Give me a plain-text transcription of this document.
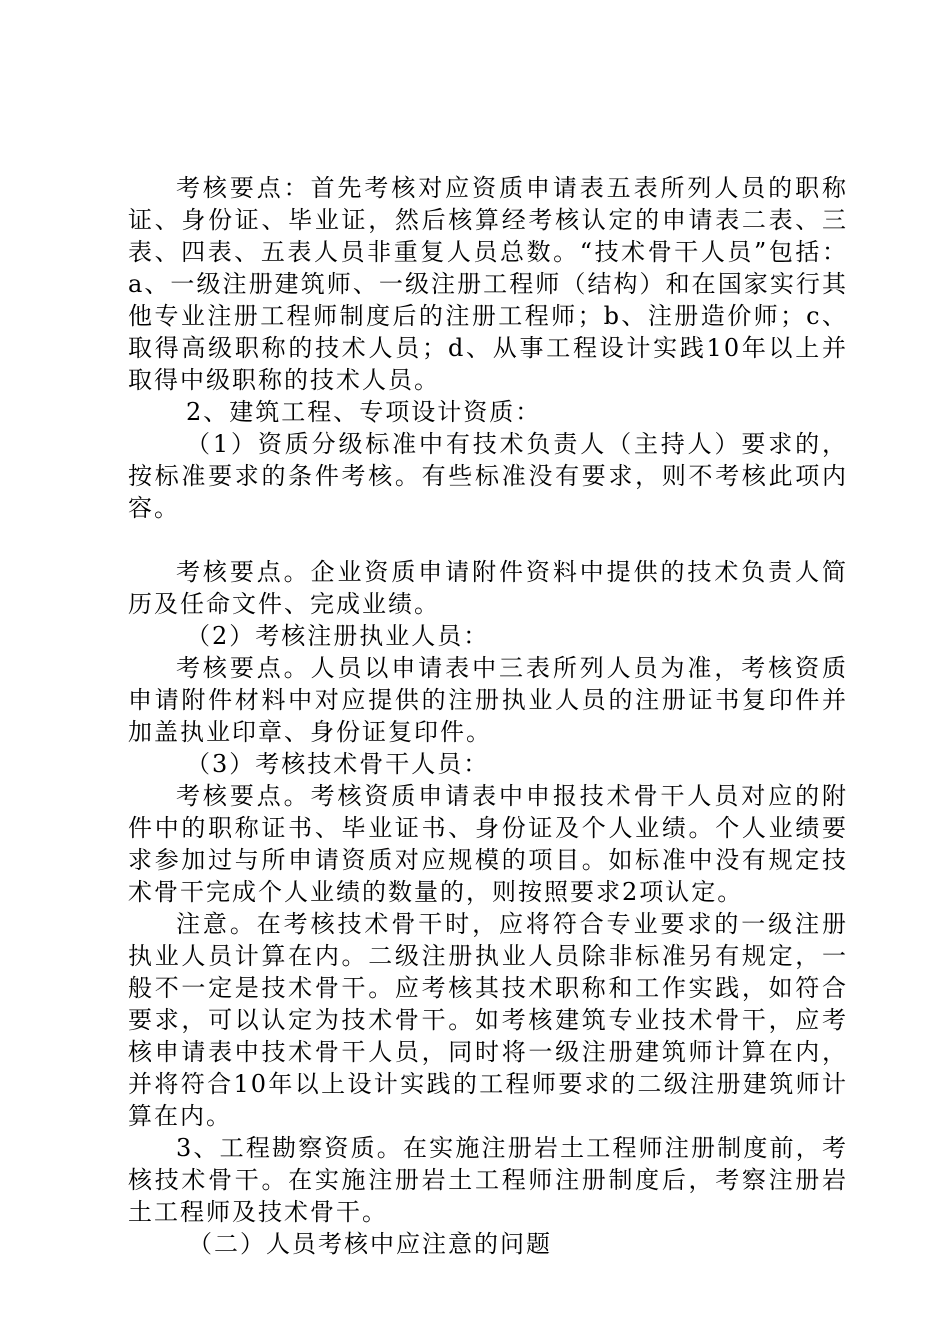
考核要点：首先考核对应资质申请表五表所列人员的职称证、身份证、毕业证，然后核算经考核认定的申请表二表、三表、四表、五表人员非重复人员总数。“技术骨干人员”包括：a、一级注册建筑师、一级注册工程师（结构）和在国家实行其他专业注册工程师制度后的注册工程师；b、注册造价师；c、取得高级职称的技术人员；d、从事工程设计实践10年以上并取得中级职称的技术人员。

2、建筑工程、专项设计资质：

（1）资质分级标准中有技术负责人（主持人）要求的，按标准要求的条件考核。有些标准没有要求，则不考核此项内容。

考核要点。企业资质申请附件资料中提供的技术负责人简历及任命文件、完成业绩。

（2）考核注册执业人员：

考核要点。人员以申请表中三表所列人员为准，考核资质申请附件材料中对应提供的注册执业人员的注册证书复印件并加盖执业印章、身份证复印件。

（3）考核技术骨干人员：

考核要点。考核资质申请表中申报技术骨干人员对应的附件中的职称证书、毕业证书、身份证及个人业绩。个人业绩要求参加过与所申请资质对应规模的项目。如标准中没有规定技术骨干完成个人业绩的数量的，则按照要求2项认定。

注意。在考核技术骨干时，应将符合专业要求的一级注册执业人员计算在内。二级注册执业人员除非标准另有规定，一般不一定是技术骨干。应考核其技术职称和工作实践，如符合要求，可以认定为技术骨干。如考核建筑专业技术骨干，应考核申请表中技术骨干人员，同时将一级注册建筑师计算在内，并将符合10年以上设计实践的工程师要求的二级注册建筑师计算在内。

3、工程勘察资质。在实施注册岩土工程师注册制度前，考核技术骨干。在实施注册岩土工程师注册制度后，考察注册岩土工程师及技术骨干。

（二）人员考核中应注意的问题
